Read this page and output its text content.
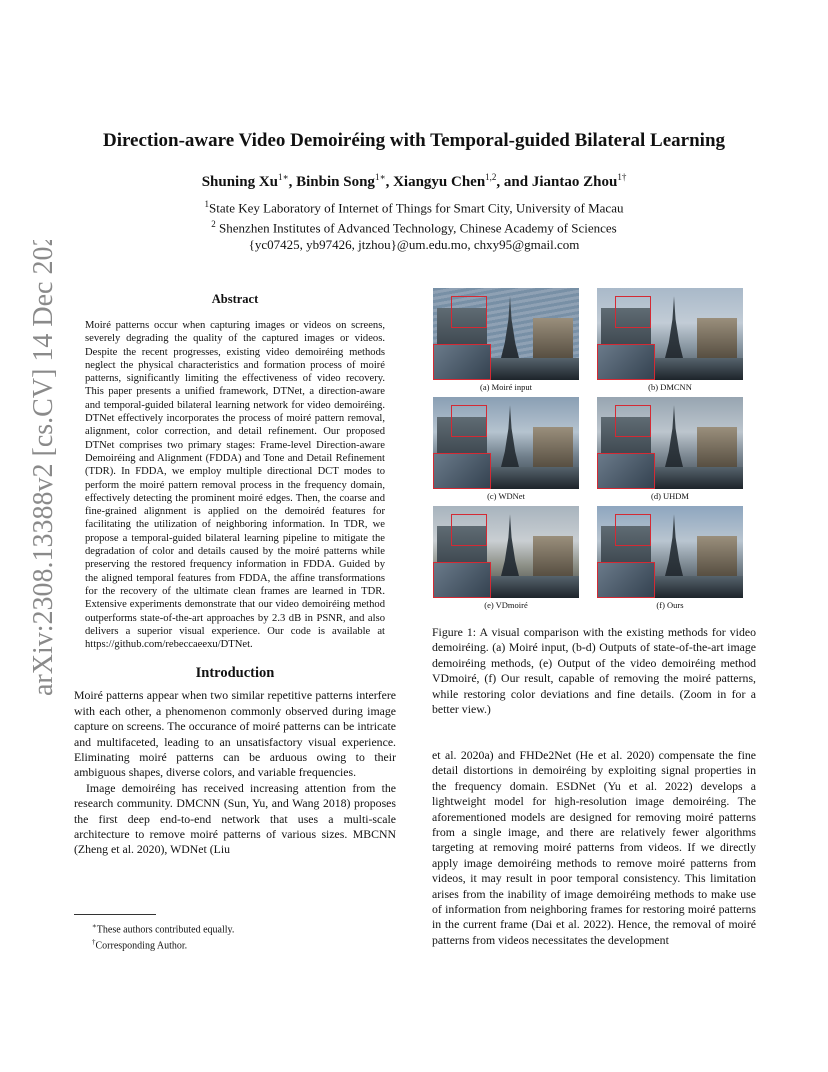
arXiv:2308.13388v2 [cs.CV] 14 Dec 2023
Direction-aware Video Demoiréing with Temporal-guided Bilateral Learning
Shuning $Xu^{1∗}$, Binbin Song$^{1∗}$, Xiangyu Chen$^{1,2}$, and Jiantao Zhou$^{1\dagger}$
$^1$State Key Laboratory of Internet of Things for Smart City, University of Macau
$^2$ Shenzhen Institutes of Advanced Technology, Chinese Academy of Sciences
{yc07425, yb97426, jtzhou}@um.edu.mo, chxy95@gmail.com
Abstract

Moiré patterns occur when capturing images or videos on screens, severely degrading the quality of the captured images or videos. Despite the recent progresses, existing video demoiréing methods neglect the physical characteristics and formation process of moiré patterns, significantly limiting the effectiveness of video recovery. This paper presents a unified framework, DTNet, a direction-aware and temporal-guided bilateral learning network for video demoiréing. DTNet effectively incorporates the process of moiré pattern removal, alignment, color correction, and detail refinement. Our proposed DTNet comprises two primary stages: Frame-level Direction-aware Demoiréing and Alignment (FDDA) and Tone and Detail Refinement (TDR). In FDDA, we employ multiple directional DCT modes to perform the moiré pattern removal process in the frequency domain, effectively detecting the prominent moiré edges. Then, the coarse and fine-grained alignment is applied on the demoiréd features for facilitating the utilization of neighboring information. In TDR, we propose a temporal-guided bilateral learning pipeline to mitigate the degradation of color and details caused by the moiré patterns while preserving the restored frequency information in FDDA. Guided by the aligned temporal features from FDDA, the affine transformations for the recovery of the ultimate clean frames are learned in TDR. Extensive experiments demonstrate that our video demoiréing method outperforms state-of-the-art approaches by 2.3 dB in PSNR, and also delivers a superior visual experience. Our code is available at https://github.com/rebeccaeexu/DTNet.

Introduction

Moiré patterns appear when two similar repetitive patterns interfere with each other, a phenomenon commonly observed during image capture on screens. The occurance of moiré patterns can be intricate and multifaceted, leading to an unsatisfactory visual experience. Eliminating moiré patterns can be arduous owing to their ambiguous shapes, diverse colors, and variable frequencies.

Image demoiréing has received increasing attention from the research community. DMCNN (Sun, Yu, and Wang 2018) proposes the first deep end-to-end network that uses a multi-scale architecture to remove moiré patterns of various sizes. MBCNN (Zheng et al. 2020), WDNet (Liu

∗These authors contributed equally.
†Corresponding Author.
(a) Moiré input	(b) DMCNN
(c) WDNet	(d) UHDM
(e) VDmoiré	(f) Ours

Figure 1: A visual comparison with the existing methods for video demoiréing. (a) Moiré input, (b-d) Outputs of state-of-the-art image demoiréing methods, (e) Output of the video demoiréing method VDmoiré, (f) Our result, capable of removing the moiré patterns, while restoring color deviations and fine details. (Zoom in for a better view.)

et al. 2020a) and FHDe2Net (He et al. 2020) compensate the fine detail distortions in demoiréing by exploiting signal properties in the frequency domain. ESDNet (Yu et al. 2022) develops a lightweight model for high-resolution image demoiréing. The aforementioned models are designed for removing moiré patterns from a single image, and there are relatively fewer algorithms targeting at removing moiré patterns from videos. If we directly apply image demoiréing methods to remove moiré patterns from videos, it may result in poor temporal consistency. This limitation arises from the inability of image demoiréing methods to make use of information from neighboring frames for restoring moiré patterns in the current frame (Dai et al. 2022). Hence, the removal of moiré patterns from videos necessitates the development
